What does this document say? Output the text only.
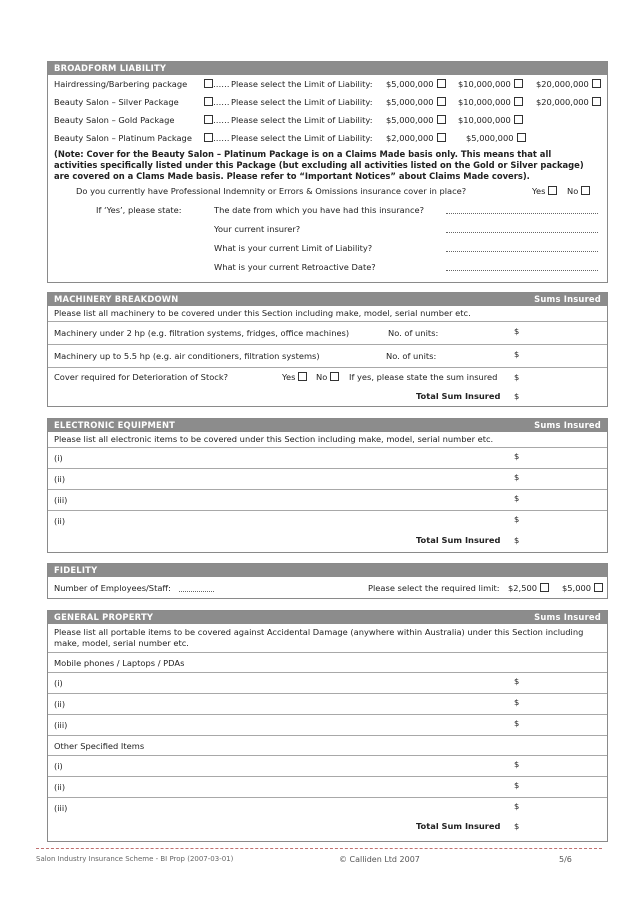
BROADFORM LIABILITY
Hairdressing/Barbering package	…… Please select the Limit of Liability: $5,000,000	$10,000,000	$20,000,000
Beauty Salon – Silver Package	…… Please select the Limit of Liability: $5,000,000	$10,000,000	$20,000,000
Beauty Salon – Gold Package	…… Please select the Limit of Liability: $5,000,000	$10,000,000
Beauty Salon – Platinum Package	…… Please select the Limit of Liability: $2,000,000	$5,000,000
(Note: Cover for the Beauty Salon – Platinum Package is on a Claims Made basis only. This means that all
activities specifically listed under this Package (but excluding all activities listed on the Gold or Silver package)
are covered on a Clams Made basis. Please refer to “Important Notices” about Claims Made covers).
Do you currently have Professional Indemnity or Errors & Omissions insurance cover in place?	Yes	No
If ‘Yes’, please state:	The date from which you have had this insurance?
Your current insurer?
What is your current Limit of Liability?
What is your current Retroactive Date?
MACHINERY BREAKDOWN	Sums Insured
Please list all machinery to be covered under this Section including make, model, serial number etc.
Machinery under 2 hp (e.g. filtration systems, fridges, office machines)	No. of units:	$
Machinery up to 5.5 hp (e.g. air conditioners, filtration systems)	No. of units:	$
Cover required for Deterioration of Stock?	Yes	No	If yes, please state the sum insured $
Total Sum Insured $
ELECTRONIC EQUIPMENT	Sums Insured
Please list all electronic items to be covered under this Section including make, model, serial number etc.
(i)	$
(ii)	$
(iii)	$
(ii)	$
Total Sum Insured $
FIDELITY
Number of Employees/Staff:	Please select the required limit: $2,500	$5,000
GENERAL PROPERTY	Sums Insured
Please list all portable items to be covered against Accidental Damage (anywhere within Australia) under this Section including
make, model, serial number etc.
Mobile phones / Laptops / PDAs
(i)	$
(ii)	$
(iii)	$
Other Specified Items
(i)	$
(ii)	$
(iii)	$
Total Sum Insured $
Salon Industry Insurance Scheme - BI Prop (2007-03-01)	© Calliden Ltd 2007	5/6
